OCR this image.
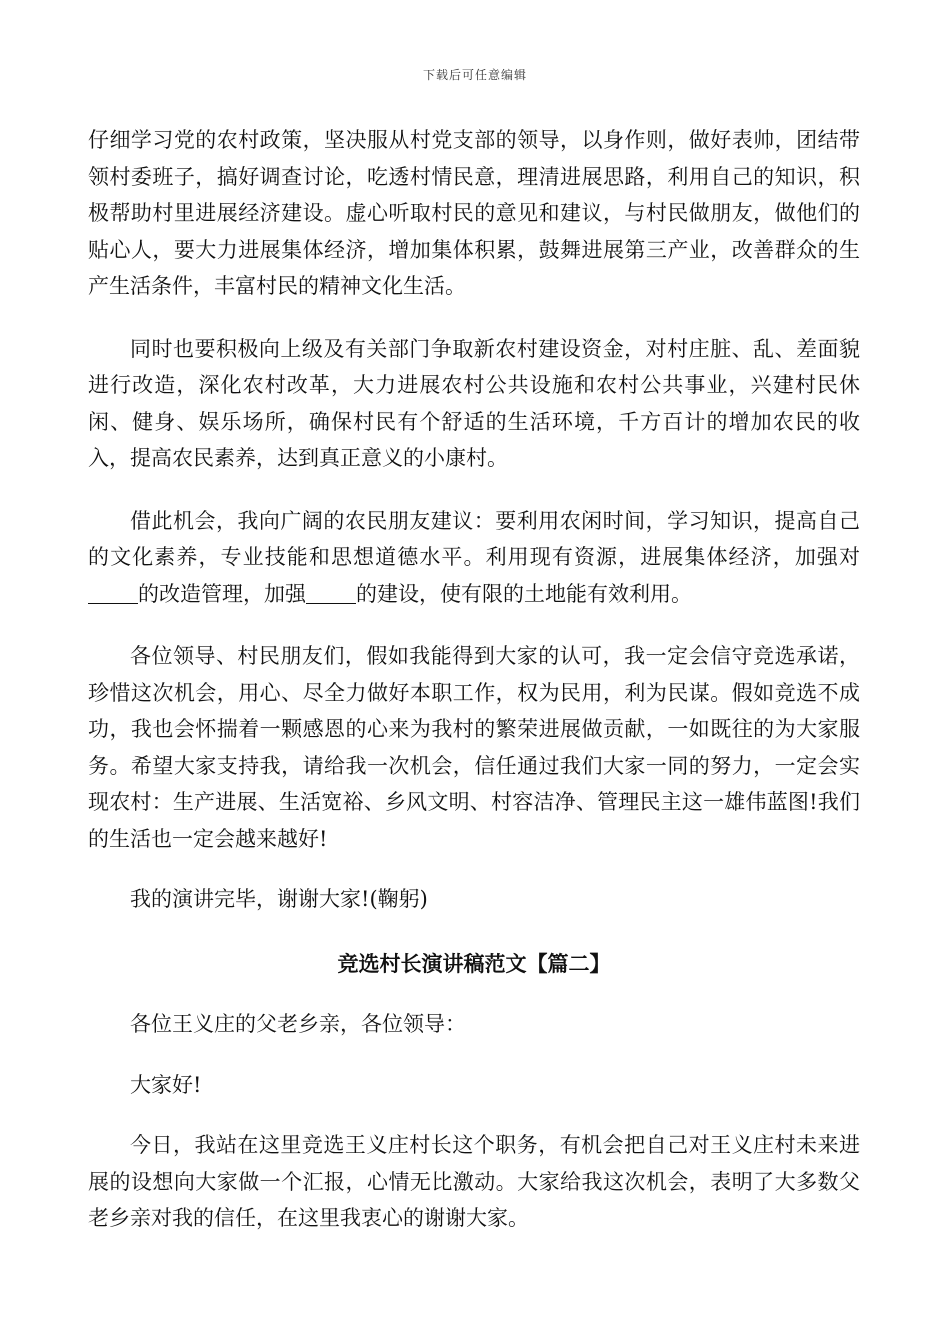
下载后可任意编辑

仔细学习党的农村政策，坚决服从村党支部的领导，以身作则，做好表帅，团结带领村委班子，搞好调查讨论，吃透村情民意，理清进展思路，利用自己的知识，积极帮助村里进展经济建设。虚心听取村民的意见和建议，与村民做朋友，做他们的贴心人，要大力进展集体经济，增加集体积累，鼓舞进展第三产业，改善群众的生产生活条件，丰富村民的精神文化生活。

同时也要积极向上级及有关部门争取新农村建设资金，对村庄脏、乱、差面貌进行改造，深化农村改革，大力进展农村公共设施和农村公共事业，兴建村民休闲、健身、娱乐场所，确保村民有个舒适的生活环境，千方百计的增加农民的收入，提高农民素养，达到真正意义的小康村。

借此机会，我向广阔的农民朋友建议：要利用农闲时间，学习知识，提高自己的文化素养，专业技能和思想道德水平。利用现有资源，进展集体经济，加强对的改造管理，加强 的建设，使有限的土地能有效利用。

各位领导、村民朋友们，假如我能得到大家的认可，我一定会信守竞选承诺，珍惜这次机会，用心、尽全力做好本职工作，权为民用，利为民谋。假如竞选不成功，我也会怀揣着一颗感恩的心来为我村的繁荣进展做贡献，一如既往的为大家服务。希望大家支持我，请给我一次机会，信任通过我们大家一同的努力，一定会实现农村：生产进展、生活宽裕、乡风文明、村容洁净、管理民主这一雄伟蓝图!我们的生活也一定会越来越好!

我的演讲完毕，谢谢大家!(鞠躬)

竞选村长演讲稿范文【篇二】

各位王义庄的父老乡亲，各位领导：

大家好!

今日，我站在这里竞选王义庄村长这个职务，有机会把自己对王义庄村未来进展的设想向大家做一个汇报，心情无比激动。大家给我这次机会，表明了大多数父老乡亲对我的信任，在这里我衷心的谢谢大家。
